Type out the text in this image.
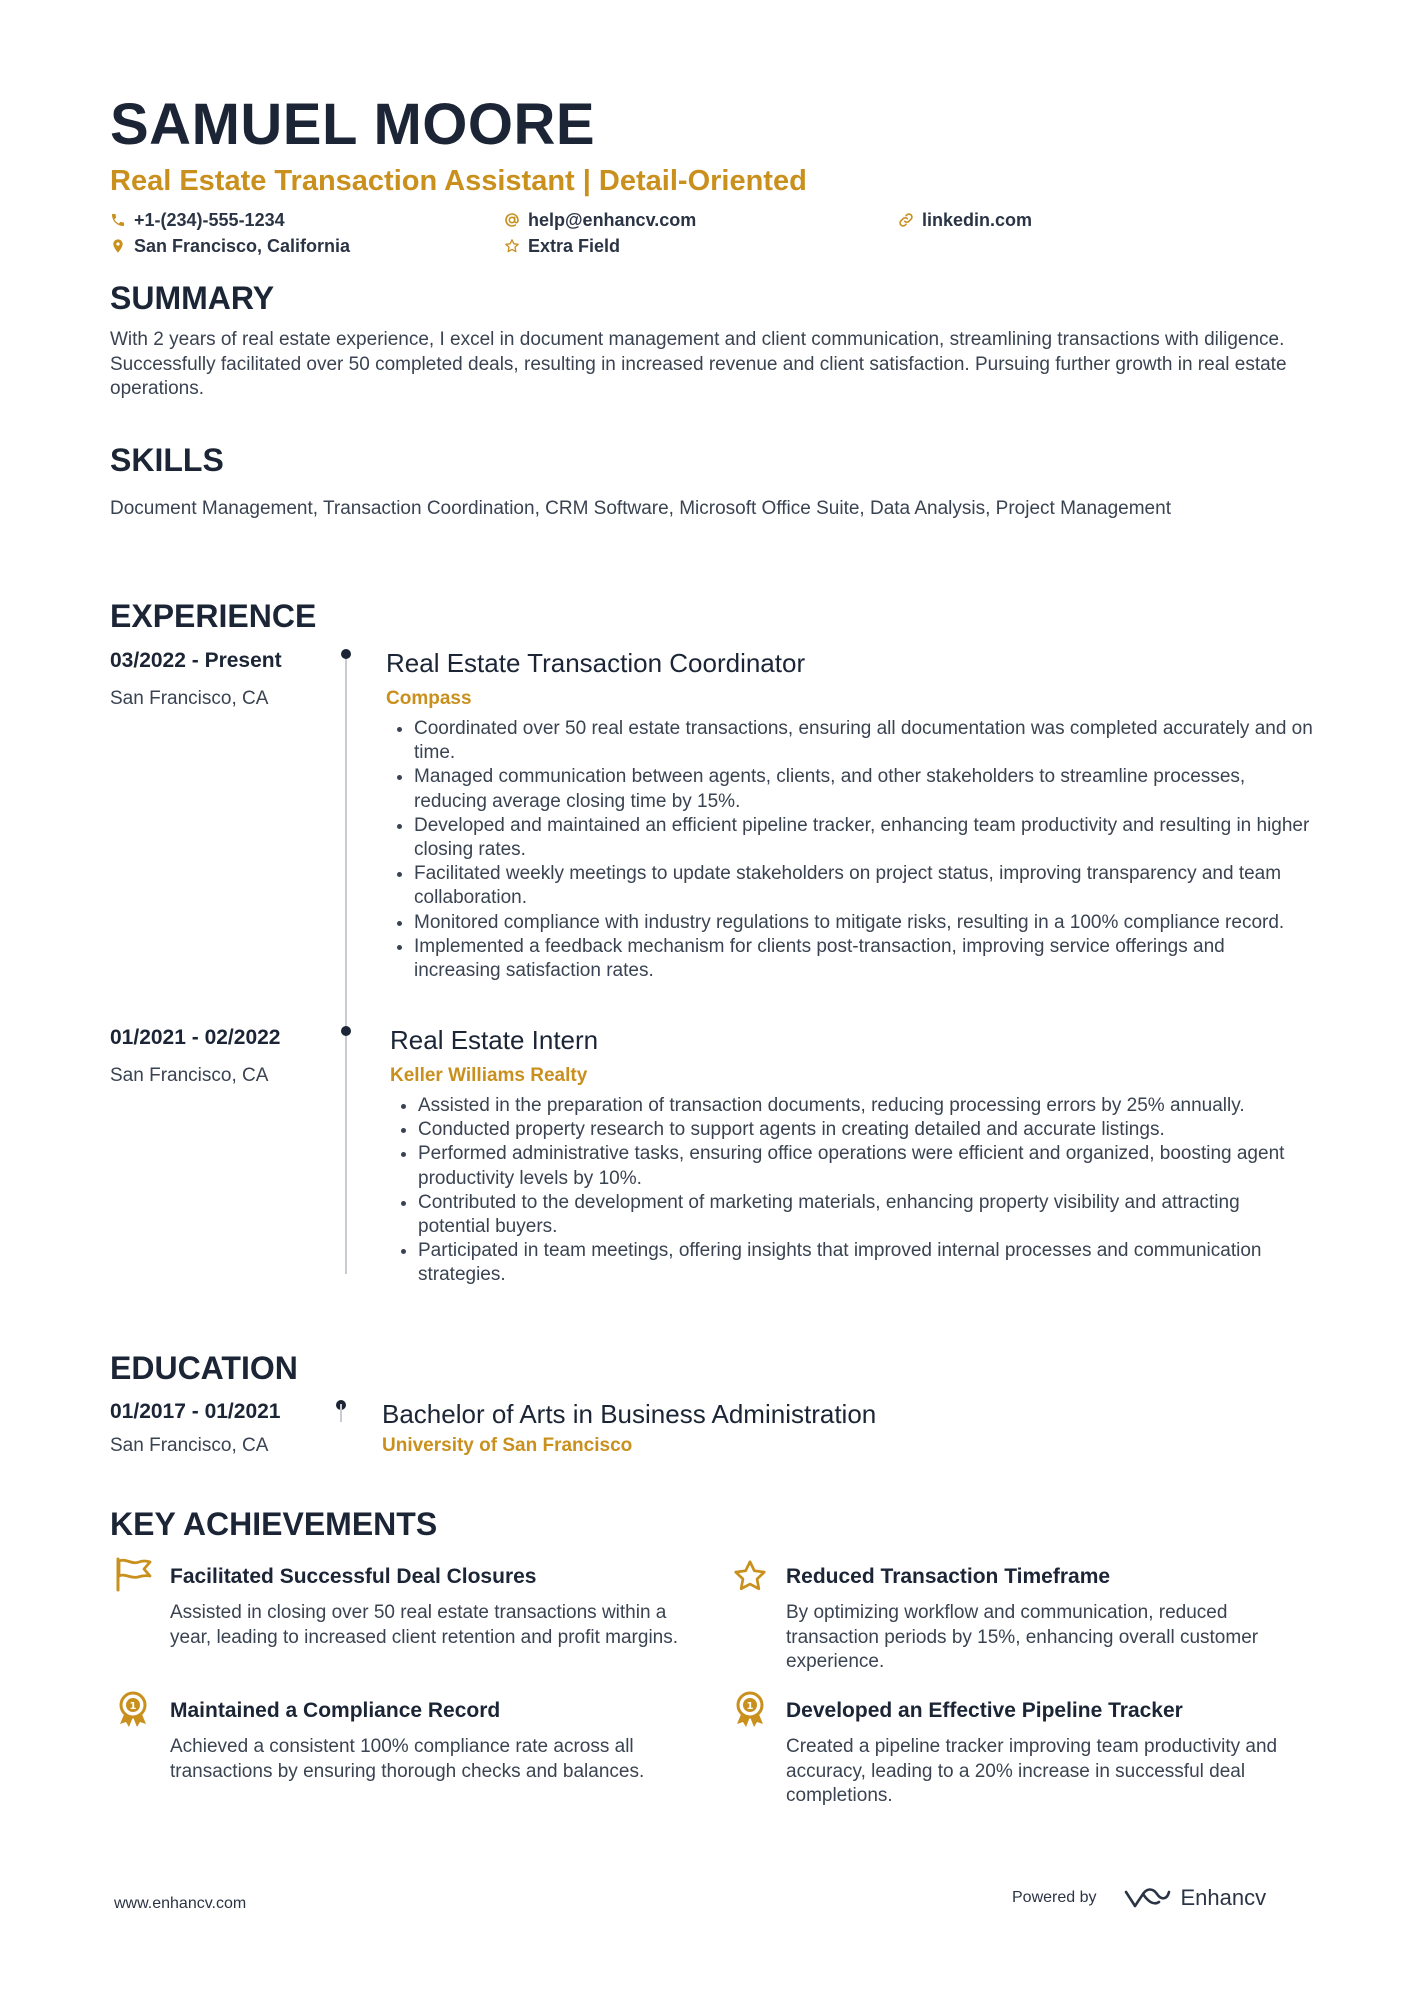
SAMUEL MOORE
Real Estate Transaction Assistant | Detail-Oriented
+1-(234)-555-1234	help@enhancv.com	linkedin.com
San Francisco, California	Extra Field
SUMMARY
With 2 years of real estate experience, I excel in document management and client communication, streamlining transactions with diligence. Successfully facilitated over 50 completed deals, resulting in increased revenue and client satisfaction. Pursuing further growth in real estate operations.
SKILLS
Document Management, Transaction Coordination, CRM Software, Microsoft Office Suite, Data Analysis, Project Management
EXPERIENCE
03/2022 - Present
San Francisco, CA
Real Estate Transaction Coordinator
Compass
• Coordinated over 50 real estate transactions, ensuring all documentation was completed accurately and on time.
• Managed communication between agents, clients, and other stakeholders to streamline processes, reducing average closing time by 15%.
• Developed and maintained an efficient pipeline tracker, enhancing team productivity and resulting in higher closing rates.
• Facilitated weekly meetings to update stakeholders on project status, improving transparency and team collaboration.
• Monitored compliance with industry regulations to mitigate risks, resulting in a 100% compliance record.
• Implemented a feedback mechanism for clients post-transaction, improving service offerings and increasing satisfaction rates.
01/2021 - 02/2022
San Francisco, CA
Real Estate Intern
Keller Williams Realty
• Assisted in the preparation of transaction documents, reducing processing errors by 25% annually.
• Conducted property research to support agents in creating detailed and accurate listings.
• Performed administrative tasks, ensuring office operations were efficient and organized, boosting agent productivity levels by 10%.
• Contributed to the development of marketing materials, enhancing property visibility and attracting potential buyers.
• Participated in team meetings, offering insights that improved internal processes and communication strategies.
EDUCATION
01/2017 - 01/2021
San Francisco, CA
Bachelor of Arts in Business Administration
University of San Francisco
KEY ACHIEVEMENTS
Facilitated Successful Deal Closures
Assisted in closing over 50 real estate transactions within a year, leading to increased client retention and profit margins.
Reduced Transaction Timeframe
By optimizing workflow and communication, reduced transaction periods by 15%, enhancing overall customer experience.
1 Maintained a Compliance Record
Achieved a consistent 100% compliance rate across all transactions by ensuring thorough checks and balances.
1 Developed an Effective Pipeline Tracker
Created a pipeline tracker improving team productivity and accuracy, leading to a 20% increase in successful deal completions.
www.enhancv.com	Powered by	Enhancv
